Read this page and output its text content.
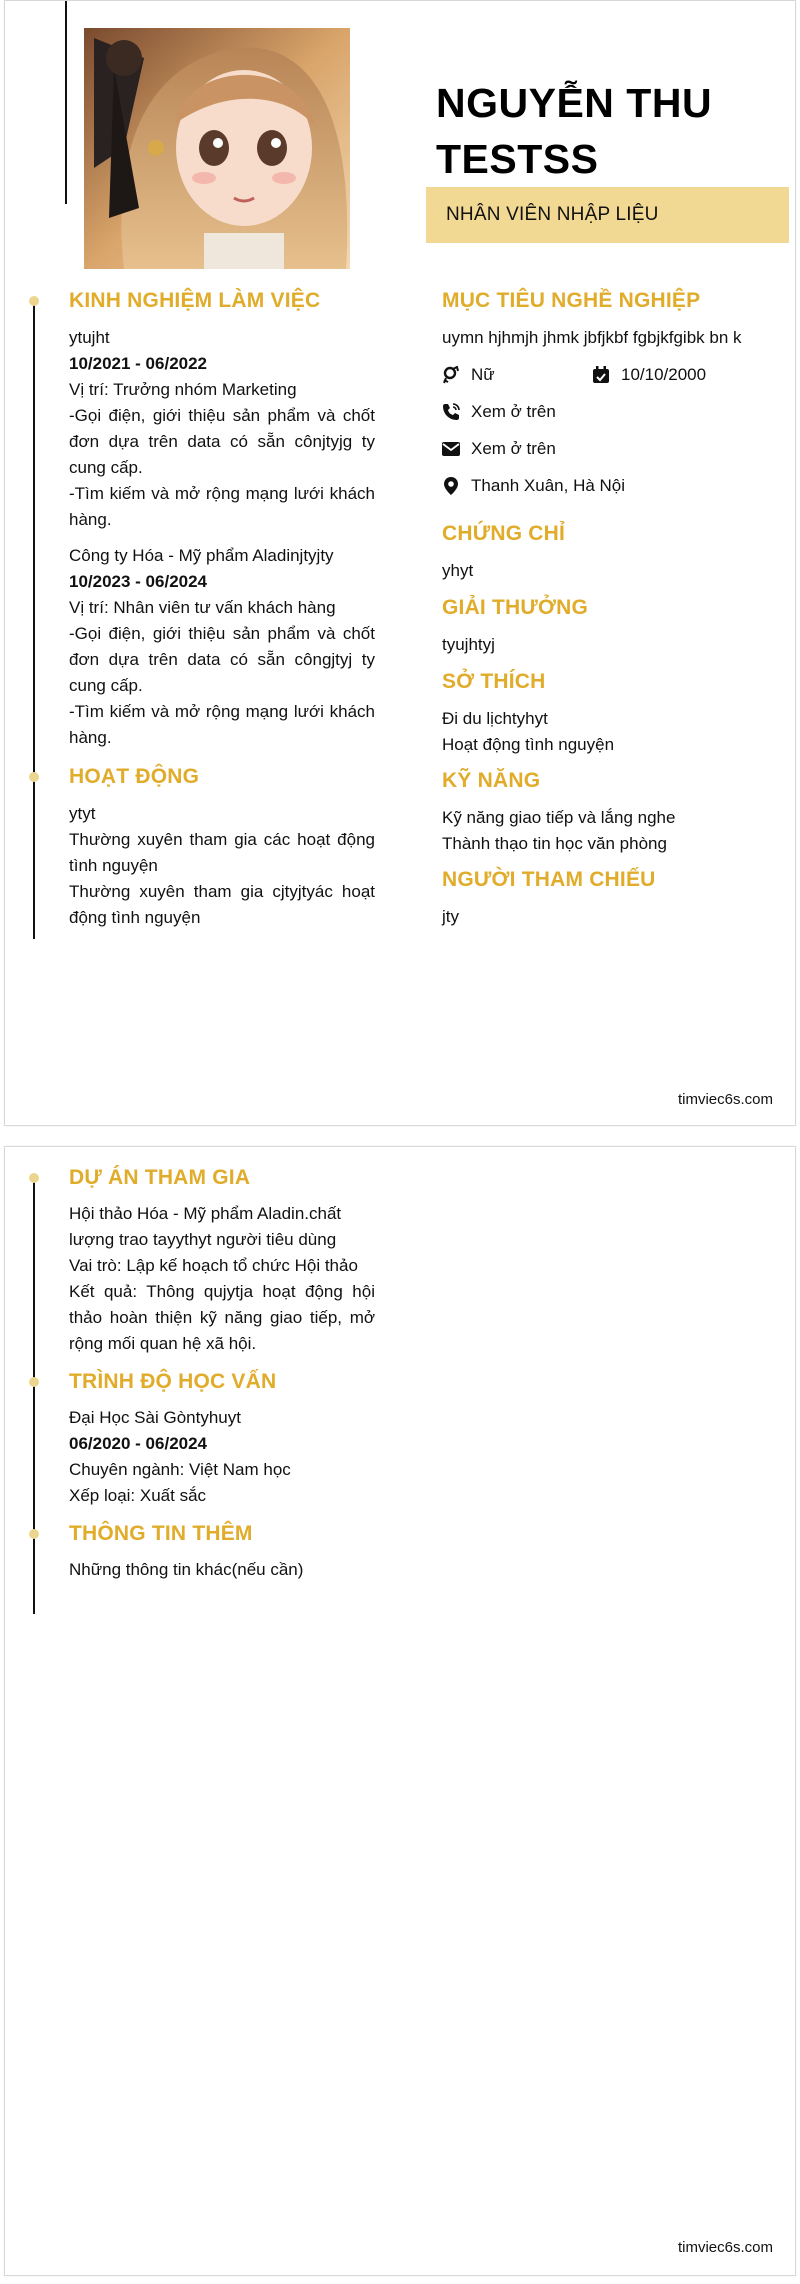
NGUYỄN THU
TESTSS
NHÂN VIÊN NHẬP LIỆU
KINH NGHIỆM LÀM VIỆC

ytujht

10/2021 - 06/2022

Vị trí: Trưởng nhóm Marketing

-Gọi điện, giới thiệu sản phẩm và chốt đơn dựa trên data có sẵn cônjtyjg ty cung cấp.

-Tìm kiếm và mở rộng mạng lưới khách hàng.

Công ty Hóa - Mỹ phẩm Aladinjtyjty

10/2023 - 06/2024

Vị trí: Nhân viên tư vấn khách hàng

-Gọi điện, giới thiệu sản phẩm và chốt đơn dựa trên data có sẵn côngjtyj ty cung cấp.

-Tìm kiếm và mở rộng mạng lưới khách hàng.

HOẠT ĐỘNG

ytyt

Thường xuyên tham gia các hoạt động tình nguyện

Thường xuyên tham gia cjtyjtyác hoạt động tình nguyện

MỤC TIÊU NGHỀ NGHIỆP
uymn hjhmjh jhmk jbfjkbf fgbjkfgibk bn k
Nữ	10/10/2000
Xem ở trên
Xem ở trên
Thanh Xuân, Hà Nội
CHỨNG CHỈ
yhyt
GIẢI THƯỞNG
tyujhtyj
SỞ THÍCH

Đi du lịchtyhyt

Hoạt động tình nguyện

KỸ NĂNG

Kỹ năng giao tiếp và lắng nghe

Thành thạo tin học văn phòng

NGƯỜI THAM CHIẾU
jty
timviec6s.com
DỰ ÁN THAM GIA

Hội thảo Hóa - Mỹ phẩm Aladin.chất lượng trao tayythyt người tiêu dùng

Vai trò: Lập kế hoạch tổ chức Hội thảo

Kết quả: Thông qujytja hoạt động hội thảo hoàn thiện kỹ năng giao tiếp, mở rộng mối quan hệ xã hội.

TRÌNH ĐỘ HỌC VẤN

Đại Học Sài Gòntyhuyt

06/2020 - 06/2024

Chuyên ngành: Việt Nam học

Xếp loại: Xuất sắc

THÔNG TIN THÊM
Những thông tin khác(nếu cần)
timviec6s.com
